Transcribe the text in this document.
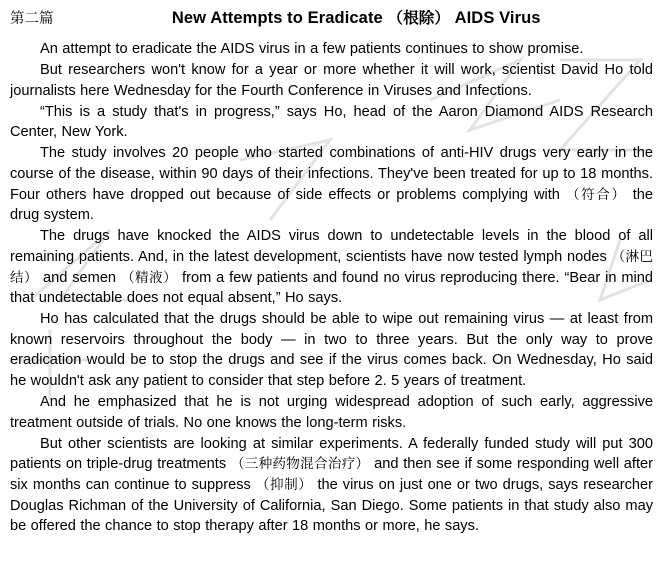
第二篇	New Attempts to Eradicate （根除） AIDS Virus

An attempt to eradicate the AIDS virus in a few patients continues to show promise.

But researchers won't know for a year or more whether it will work, scientist David Ho told journalists here Wednesday for the Fourth Conference in Viruses and Infections.

“This is a study that's in progress,” says Ho, head of the Aaron Diamond AIDS Research Center, New York.

The study involves 20 people who started combinations of anti-HIV drugs very early in the course of the disease, within 90 days of their infections. They've been treated for up to 18 months. Four others have dropped out because of side effects or problems complying with （符合） the drug system.

The drugs have knocked the AIDS virus down to undetectable levels in the blood of all remaining patients. And, in the latest development, scientists have now tested lymph nodes （淋巴结） and semen （精液） from a few patients and found no virus reproducing there. “Bear in mind that undetectable does not equal absent,” Ho says.

Ho has calculated that the drugs should be able to wipe out remaining virus — at least from known reservoirs throughout the body — in two to three years. But the only way to prove eradication would be to stop the drugs and see if the virus comes back. On Wednesday, Ho said he wouldn't ask any patient to consider that step before 2. 5 years of treatment.

And he emphasized that he is not urging widespread adoption of such early, aggressive treatment outside of trials. No one knows the long-term risks.

But other scientists are looking at similar experiments. A federally funded study will put 300 patients on triple-drug treatments （三种药物混合治疗） and then see if some responding well after six months can continue to suppress （抑制） the virus on just one or two drugs, says researcher Douglas Richman of the University of California, San Diego. Some patients in that study also may be offered the chance to stop therapy after 18 months or more, he says.
